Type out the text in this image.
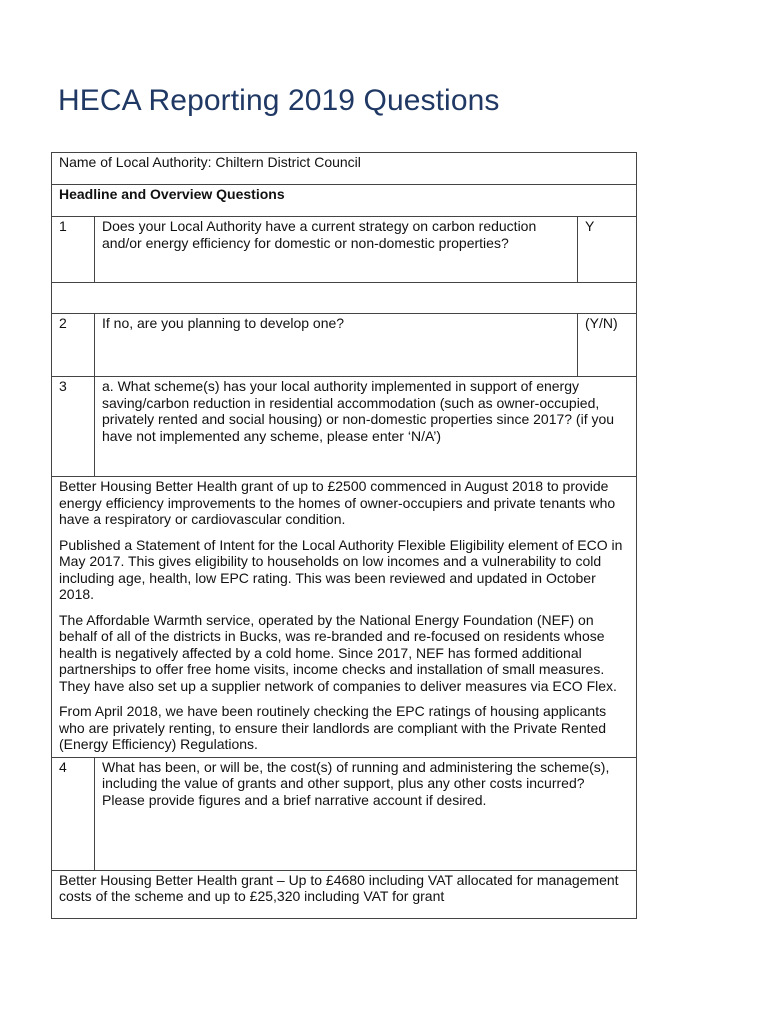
HECA Reporting 2019 Questions
Name of Local Authority: Chiltern District Council		

Headline and Overview Questions		

1	Does your Local Authority have a current strategy on carbon reduction and/or energy efficiency for domestic or non-domestic properties?	Y

2	If no, are you planning to develop one?	(Y/N)

3	a. What scheme(s) has your local authority implemented in support of energy saving/carbon reduction in residential accommodation (such as owner-occupied, privately rented and social housing) or non-domestic properties since 2017? (if you have not implemented any scheme, please enter ‘N/A’)	

Better Housing Better Health grant of up to £2500 commenced in August 2018 to provide energy efficiency improvements to the homes of owner-occupiers and private tenants who have a respiratory or cardiovascular condition.

Published a Statement of Intent for the Local Authority Flexible Eligibility element of ECO in May 2017. This gives eligibility to households on low incomes and a vulnerability to cold including age, health, low EPC rating. This was been reviewed and updated in October 2018.

The Affordable Warmth service, operated by the National Energy Foundation (NEF) on behalf of all of the districts in Bucks, was re-branded and re-focused on residents whose health is negatively affected by a cold home. Since 2017, NEF has formed additional partnerships to offer free home visits, income checks and installation of small measures. They have also set up a supplier network of companies to deliver measures via ECO Flex.

From April 2018, we have been routinely checking the EPC ratings of housing applicants who are privately renting, to ensure their landlords are compliant with the Private Rented (Energy Efficiency) Regulations.		

4	What has been, or will be, the cost(s) of running and administering the scheme(s), including the value of grants and other support, plus any other costs incurred? Please provide figures and a brief narrative account if desired.	

Better Housing Better Health grant – Up to £4680 including VAT allocated for management costs of the scheme and up to £25,320 including VAT for grant		
